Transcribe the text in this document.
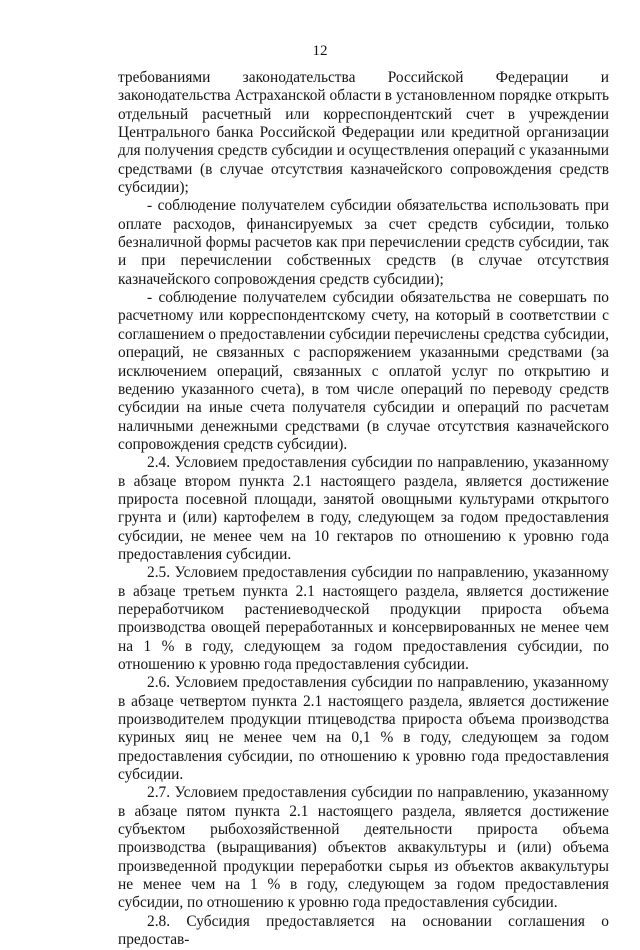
12

требованиями законодательства Российской Федерации и законодательства Астраханской области в установленном порядке открыть отдельный расчетный или корреспондентский счет в учреждении Центрального банка Российской Федерации или кредитной организации для получения средств субсидии и осуществления операций с указанными средствами (в случае отсутствия казначейского сопровождения средств субсидии);

- соблюдение получателем субсидии обязательства использовать при оплате расходов, финансируемых за счет средств субсидии, только безналичной формы расчетов как при перечислении средств субсидии, так и при перечислении собственных средств (в случае отсутствия казначейского сопровождения средств субсидии);

- соблюдение получателем субсидии обязательства не совершать по расчетному или корреспондентскому счету, на который в соответствии с соглашением о предоставлении субсидии перечислены средства субсидии, операций, не связанных с распоряжением указанными средствами (за исключением операций, связанных с оплатой услуг по открытию и ведению указанного счета), в том числе операций по переводу средств субсидии на иные счета получателя субсидии и операций по расчетам наличными денежными средствами (в случае отсутствия казначейского сопровождения средств субсидии).

2.4. Условием предоставления субсидии по направлению, указанному в абзаце втором пункта 2.1 настоящего раздела, является достижение прироста посевной площади, занятой овощными культурами открытого грунта и (или) картофелем в году, следующем за годом предоставления субсидии, не менее чем на 10 гектаров по отношению к уровню года предоставления субсидии.

2.5. Условием предоставления субсидии по направлению, указанному в абзаце третьем пункта 2.1 настоящего раздела, является достижение переработчиком растениеводческой продукции прироста объема производства овощей переработанных и консервированных не менее чем на 1 % в году, следующем за годом предоставления субсидии, по отношению к уровню года предоставления субсидии.

2.6. Условием предоставления субсидии по направлению, указанному в абзаце четвертом пункта 2.1 настоящего раздела, является достижение производителем продукции птицеводства прироста объема производства куриных яиц не менее чем на 0,1 % в году, следующем за годом предоставления субсидии, по отношению к уровню года предоставления субсидии.

2.7. Условием предоставления субсидии по направлению, указанному в абзаце пятом пункта 2.1 настоящего раздела, является достижение субъектом рыбохозяйственной деятельности прироста объема производства (выращивания) объектов аквакультуры и (или) объема произведенной продукции переработки сырья из объектов аквакультуры не менее чем на 1 % в году, следующем за годом предоставления субсидии, по отношению к уровню года предоставления субсидии.

2.8. Субсидия предоставляется на основании соглашения о предостав-
